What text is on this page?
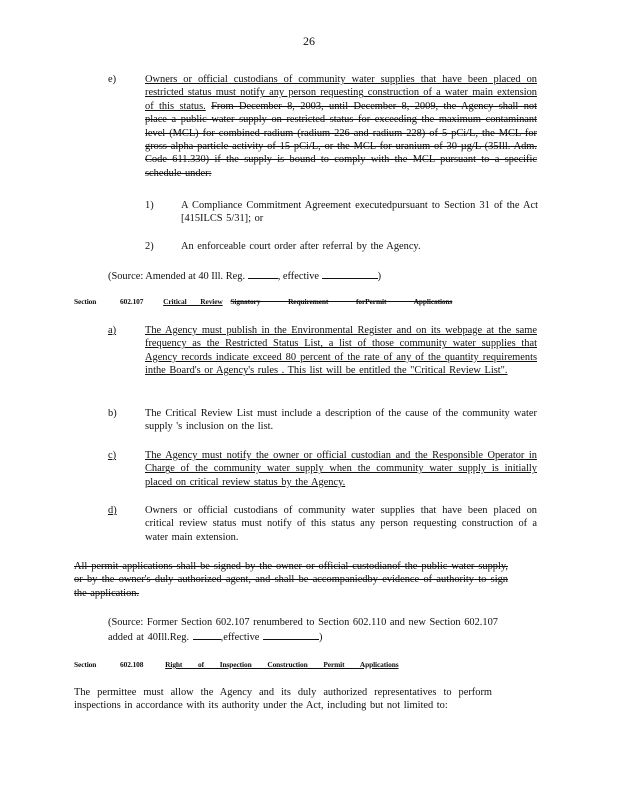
26
e)	Owners or official custodians of community water supplies that have been placed on restricted status must notify any person requesting construction of a water main extension of this status. From December 8, 2003, until December 8, 2009, the Agency shall not place a public water supply on restricted status for exceeding the maximum contaminant level (MCL) for combined radium (radium 226 and radium 228) of 5 pCi/L, the MCL for gross alpha particle activity of 15 pCi/L, or the MCL for uranium of 30 µg/L (35Ill. Adm. Code 611.330) if the supply is bound to comply with the MCL pursuant to a specific schedule under:
1)	A Compliance Commitment Agreement executedpursuant to Section 31 of the Act [415ILCS 5/31]; or
2)	An enforceable court order after referral by the Agency.
(Source: Amended at 40 Ill. Reg.	, effective	)
Section	602.107	Critical Review Signatory Requirement forPermit Applications
a)	The Agency must publish in the Environmental Register and on its webpage at the same frequency as the Restricted Status List, a list of those community water supplies that Agency records indicate exceed 80 percent of the rate of any of the quantity requirements inthe Board's or Agency's rules . This list will be entitled the "Critical Review List".
b)	The Critical Review List must include a description of the cause of the community water supply 's inclusion on the list.
c)	The Agency must notify the owner or official custodian and the Responsible Operator in Charge of the community water supply when the community water supply is initially placed on critical review status by the Agency.
d)	Owners or official custodians of community water supplies that have been placed on critical review status must notify of this status any person requesting construction of a water main extension.
All permit applications shall be signed by the owner or official custodianof the public water supply, or by the owner's duly authorized agent, and shall be accompaniedby evidence of authority to sign the application.
(Source: Former Section 602.107 renumbered to Section 602.110 and new Section 602.107 added at 40Ill.Reg.	,effective	)
Section	602.108	Right of Inspection Construction Permit Applications
The permittee must allow the Agency and its duly authorized representatives to perform inspections in accordance with its authority under the Act, including but not limited to:
